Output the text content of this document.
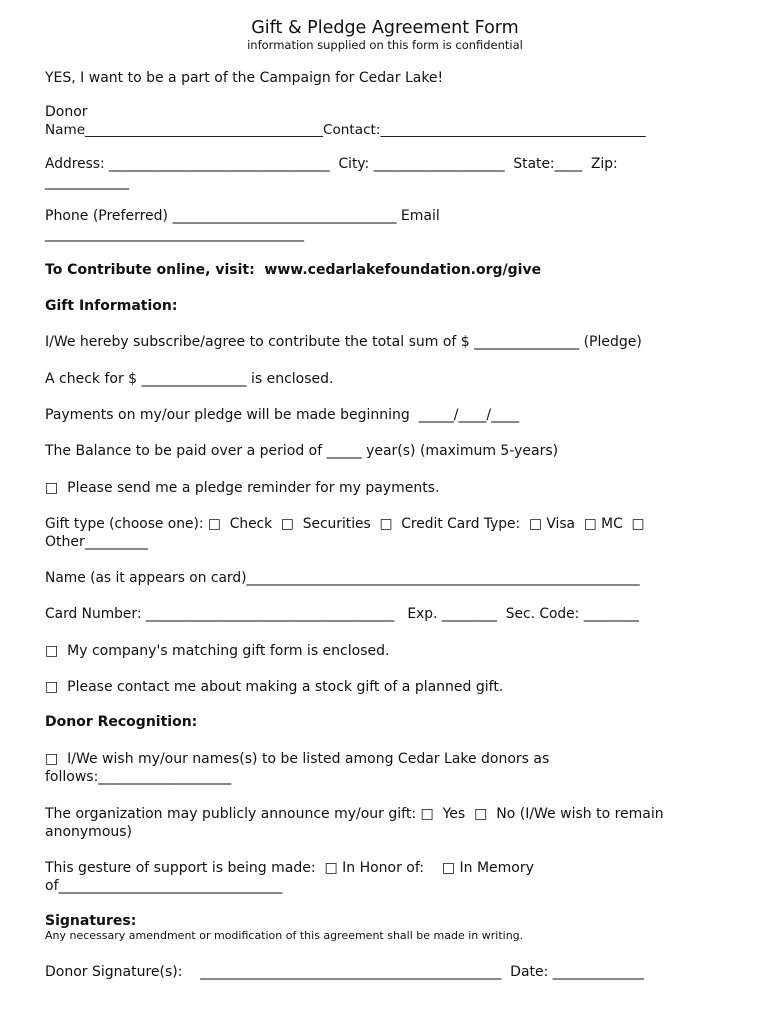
Gift & Pledge Agreement Form
information supplied on this form is confidential
YES, I want to be a part of the Campaign for Cedar Lake!
Donor
Name___________________________________Contact:_______________________________________
Address: ________________________________  City: ___________________  State:____  Zip:
____________
Phone (Preferred) ________________________________ Email
_____________________________________
To Contribute online, visit:  www.cedarlakefoundation.org/give
Gift Information:
I/We hereby subscribe/agree to contribute the total sum of $ _______________ (Pledge)
A check for $ _______________ is enclosed.
Payments on my/our pledge will be made beginning  _____/____/____
The Balance to be paid over a period of _____ year(s) (maximum 5-years)
□  Please send me a pledge reminder for my payments.
Gift type (choose one): □  Check  □  Securities  □  Credit Card Type:  □ Visa  □ MC  □
Other_________
Name (as it appears on card)_________________________________________________________
Card Number: ____________________________________   Exp. ________  Sec. Code: ________
□  My company's matching gift form is enclosed.
□  Please contact me about making a stock gift of a planned gift.
Donor Recognition:
□  I/We wish my/our names(s) to be listed among Cedar Lake donors as
follows:___________________
The organization may publicly announce my/our gift: □  Yes  □  No (I/We wish to remain
anonymous)
This gesture of support is being made:  □ In Honor of:    □ In Memory
of________________________________
Signatures:
Any necessary amendment or modification of this agreement shall be made in writing.
Donor Signature(s):    ___________________________________________  Date: _____________
